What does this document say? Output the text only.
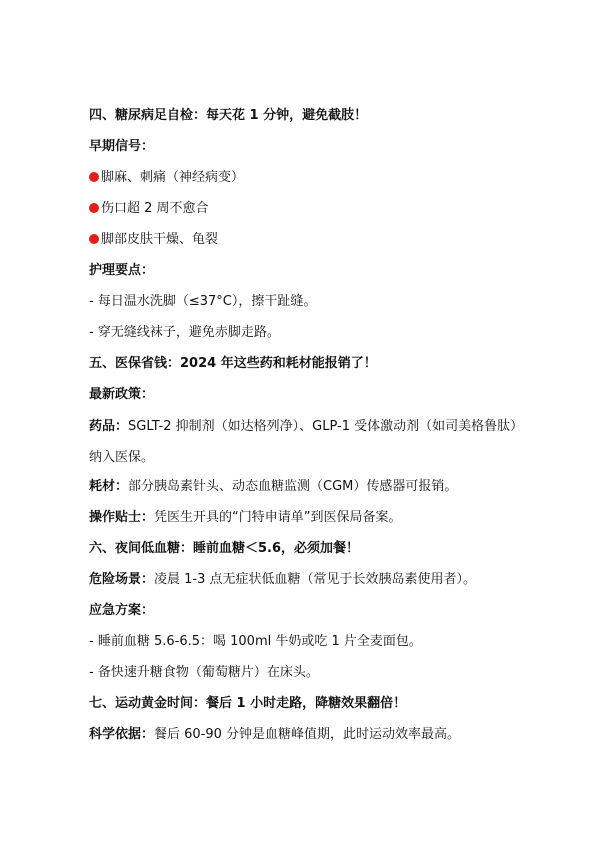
四、糖尿病足自检：每天花 1 分钟，避免截肢！
早期信号：
脚麻、刺痛（神经病变）
伤口超 2 周不愈合
脚部皮肤干燥、龟裂
护理要点：
- 每日温水洗脚（≤37°C），擦干趾缝。
- 穿无缝线袜子，避免赤脚走路。
五、医保省钱：2024 年这些药和耗材能报销了！
最新政策：
药品：SGLT-2 抑制剂（如达格列净）、GLP-1 受体激动剂（如司美格鲁肽）纳入医保。
耗材：部分胰岛素针头、动态血糖监测（CGM）传感器可报销。
操作贴士：凭医生开具的“门特申请单”到医保局备案。
六、夜间低血糖：睡前血糖＜5.6，必须加餐！
危险场景：凌晨 1-3 点无症状低血糖（常见于长效胰岛素使用者）。
应急方案：
- 睡前血糖 5.6-6.5：喝 100ml 牛奶或吃 1 片全麦面包。
- 备快速升糖食物（葡萄糖片）在床头。
七、运动黄金时间：餐后 1 小时走路，降糖效果翻倍！
科学依据：餐后 60-90 分钟是血糖峰值期，此时运动效率最高。
